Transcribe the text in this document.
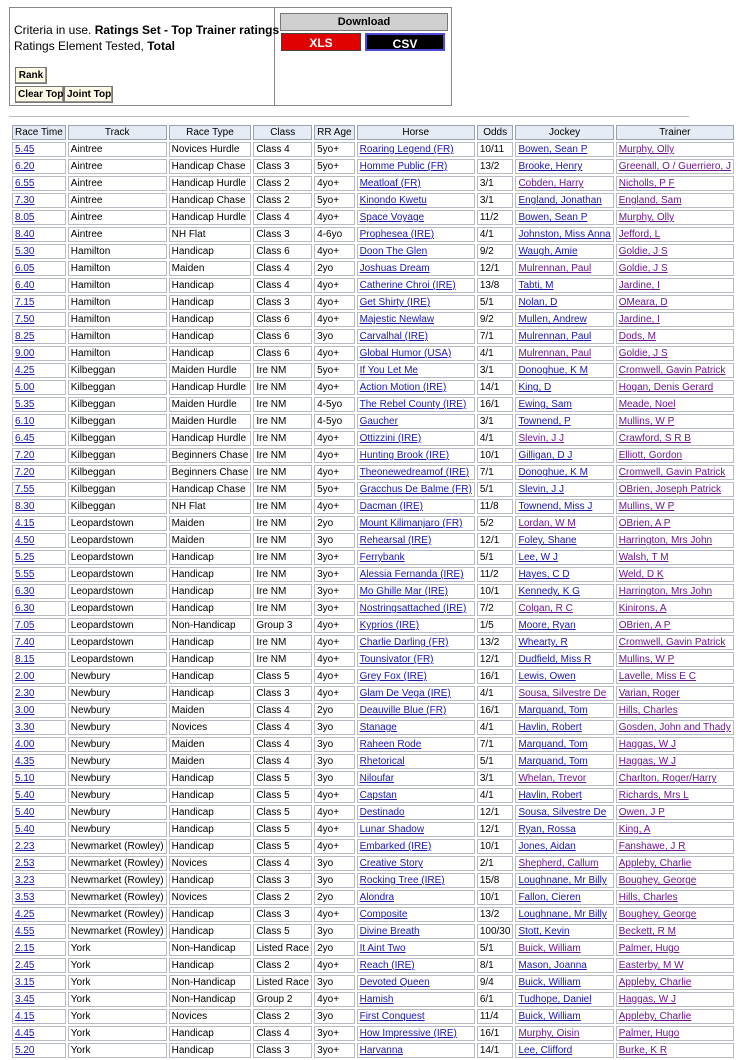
Criteria in use. Ratings Set - Top Trainer ratings
Ratings Element Tested, Total
Rank
Clear Top Joint Top
Download
XLS	CSV
Race Time	Track	Race Type	Class	RR Age	Horse	Odds	Jockey	Trainer
5.45	Aintree	Novices Hurdle	Class 4	5yo+	Roaring Legend (FR)	10/11	Bowen, Sean P	Murphy, Olly
6.20	Aintree	Handicap Chase	Class 3	5yo+	Homme Public (FR)	13/2	Brooke, Henry	Greenall, O / Guerriero, J
6.55	Aintree	Handicap Hurdle	Class 2	4yo+	Meatloaf (FR)	3/1	Cobden, Harry	Nicholls, P F
7.30	Aintree	Handicap Chase	Class 2	5yo+	Kinondo Kwetu	3/1	England, Jonathan	England, Sam
8.05	Aintree	Handicap Hurdle	Class 4	4yo+	Space Voyage	11/2	Bowen, Sean P	Murphy, Olly
8.40	Aintree	NH Flat	Class 3	4-6yo	Prophesea (IRE)	4/1	Johnston, Miss Anna	Jefford, L
5.30	Hamilton	Handicap	Class 6	4yo+	Doon The Glen	9/2	Waugh, Amie	Goldie, J S
6.05	Hamilton	Maiden	Class 4	2yo	Joshuas Dream	12/1	Mulrennan, Paul	Goldie, J S
6.40	Hamilton	Handicap	Class 4	4yo+	Catherine Chroi (IRE)	13/8	Tabti, M	Jardine, I
7.15	Hamilton	Handicap	Class 3	4yo+	Get Shirty (IRE)	5/1	Nolan, D	OMeara, D
7.50	Hamilton	Handicap	Class 6	4yo+	Majestic Newlaw	9/2	Mullen, Andrew	Jardine, I
8.25	Hamilton	Handicap	Class 6	3yo	Carvalhal (IRE)	7/1	Mulrennan, Paul	Dods, M
9.00	Hamilton	Handicap	Class 6	4yo+	Global Humor (USA)	4/1	Mulrennan, Paul	Goldie, J S
4.25	Kilbeggan	Maiden Hurdle	Ire NM	5yo+	If You Let Me	3/1	Donoghue, K M	Cromwell, Gavin Patrick
5.00	Kilbeggan	Handicap Hurdle	Ire NM	4yo+	Action Motion (IRE)	14/1	King, D	Hogan, Denis Gerard
5.35	Kilbeggan	Maiden Hurdle	Ire NM	4-5yo	The Rebel County (IRE)	16/1	Ewing, Sam	Meade, Noel
6.10	Kilbeggan	Maiden Hurdle	Ire NM	4-5yo	Gaucher	3/1	Townend, P	Mullins, W P
6.45	Kilbeggan	Handicap Hurdle	Ire NM	4yo+	Ottizzini (IRE)	4/1	Slevin, J J	Crawford, S R B
7.20	Kilbeggan	Beginners Chase	Ire NM	4yo+	Hunting Brook (IRE)	10/1	Gilligan, D J	Elliott, Gordon
7.20	Kilbeggan	Beginners Chase	Ire NM	4yo+	Theonewedreamof (IRE)	7/1	Donoghue, K M	Cromwell, Gavin Patrick
7.55	Kilbeggan	Handicap Chase	Ire NM	5yo+	Gracchus De Balme (FR)	5/1	Slevin, J J	OBrien, Joseph Patrick
8.30	Kilbeggan	NH Flat	Ire NM	4yo+	Dacman (IRE)	11/8	Townend, Miss J	Mullins, W P
4.15	Leopardstown	Maiden	Ire NM	2yo	Mount Kilimanjaro (FR)	5/2	Lordan, W M	OBrien, A P
4.50	Leopardstown	Maiden	Ire NM	3yo	Rehearsal (IRE)	12/1	Foley, Shane	Harrington, Mrs John
5.25	Leopardstown	Handicap	Ire NM	3yo+	Ferrybank	5/1	Lee, W J	Walsh, T M
5.55	Leopardstown	Handicap	Ire NM	3yo+	Alessia Fernanda (IRE)	11/2	Hayes, C D	Weld, D K
6.30	Leopardstown	Handicap	Ire NM	3yo+	Mo Ghille Mar (IRE)	10/1	Kennedy, K G	Harrington, Mrs John
6.30	Leopardstown	Handicap	Ire NM	3yo+	Nostringsattached (IRE)	7/2	Colgan, R C	Kinirons, A
7.05	Leopardstown	Non-Handicap	Group 3	4yo+	Kyprios (IRE)	1/5	Moore, Ryan	OBrien, A P
7.40	Leopardstown	Handicap	Ire NM	4yo+	Charlie Darling (FR)	13/2	Whearty, R	Cromwell, Gavin Patrick
8.15	Leopardstown	Handicap	Ire NM	4yo+	Tounsivator (FR)	12/1	Dudfield, Miss R	Mullins, W P
2.00	Newbury	Handicap	Class 5	4yo+	Grey Fox (IRE)	16/1	Lewis, Owen	Lavelle, Miss E C
2.30	Newbury	Handicap	Class 3	4yo+	Glam De Vega (IRE)	4/1	Sousa, Silvestre De	Varian, Roger
3.00	Newbury	Maiden	Class 4	2yo	Deauville Blue (FR)	16/1	Marquand, Tom	Hills, Charles
3.30	Newbury	Novices	Class 4	3yo	Stanage	4/1	Havlin, Robert	Gosden, John and Thady
4.00	Newbury	Maiden	Class 4	3yo	Raheen Rode	7/1	Marquand, Tom	Haggas, W J
4.35	Newbury	Maiden	Class 4	3yo	Rhetorical	5/1	Marquand, Tom	Haggas, W J
5.10	Newbury	Handicap	Class 5	3yo	Niloufar	3/1	Whelan, Trevor	Charlton, Roger/Harry
5.40	Newbury	Handicap	Class 5	4yo+	Capstan	4/1	Havlin, Robert	Richards, Mrs L
5.40	Newbury	Handicap	Class 5	4yo+	Destinado	12/1	Sousa, Silvestre De	Owen, J P
5.40	Newbury	Handicap	Class 5	4yo+	Lunar Shadow	12/1	Ryan, Rossa	King, A
2.23	Newmarket (Rowley)	Handicap	Class 5	4yo+	Embarked (IRE)	10/1	Jones, Aidan	Fanshawe, J R
2.53	Newmarket (Rowley)	Novices	Class 4	3yo	Creative Story	2/1	Shepherd, Callum	Appleby, Charlie
3.23	Newmarket (Rowley)	Handicap	Class 3	3yo	Rocking Tree (IRE)	15/8	Loughnane, Mr Billy	Boughey, George
3.53	Newmarket (Rowley)	Novices	Class 2	2yo	Alondra	10/1	Fallon, Cieren	Hills, Charles
4.25	Newmarket (Rowley)	Handicap	Class 3	4yo+	Composite	13/2	Loughnane, Mr Billy	Boughey, George
4.55	Newmarket (Rowley)	Handicap	Class 5	3yo	Divine Breath	100/30	Stott, Kevin	Beckett, R M
2.15	York	Non-Handicap	Listed Race	2yo	It Aint Two	5/1	Buick, William	Palmer, Hugo
2.45	York	Handicap	Class 2	4yo+	Reach (IRE)	8/1	Mason, Joanna	Easterby, M W
3.15	York	Non-Handicap	Listed Race	3yo	Devoted Queen	9/4	Buick, William	Appleby, Charlie
3.45	York	Non-Handicap	Group 2	4yo+	Hamish	6/1	Tudhope, Daniel	Haggas, W J
4.15	York	Novices	Class 2	3yo	First Conquest	11/4	Buick, William	Appleby, Charlie
4.45	York	Handicap	Class 4	3yo+	How Impressive (IRE)	16/1	Murphy, Oisin	Palmer, Hugo
5.20	York	Handicap	Class 3	3yo+	Harvanna	14/1	Lee, Clifford	Burke, K R
